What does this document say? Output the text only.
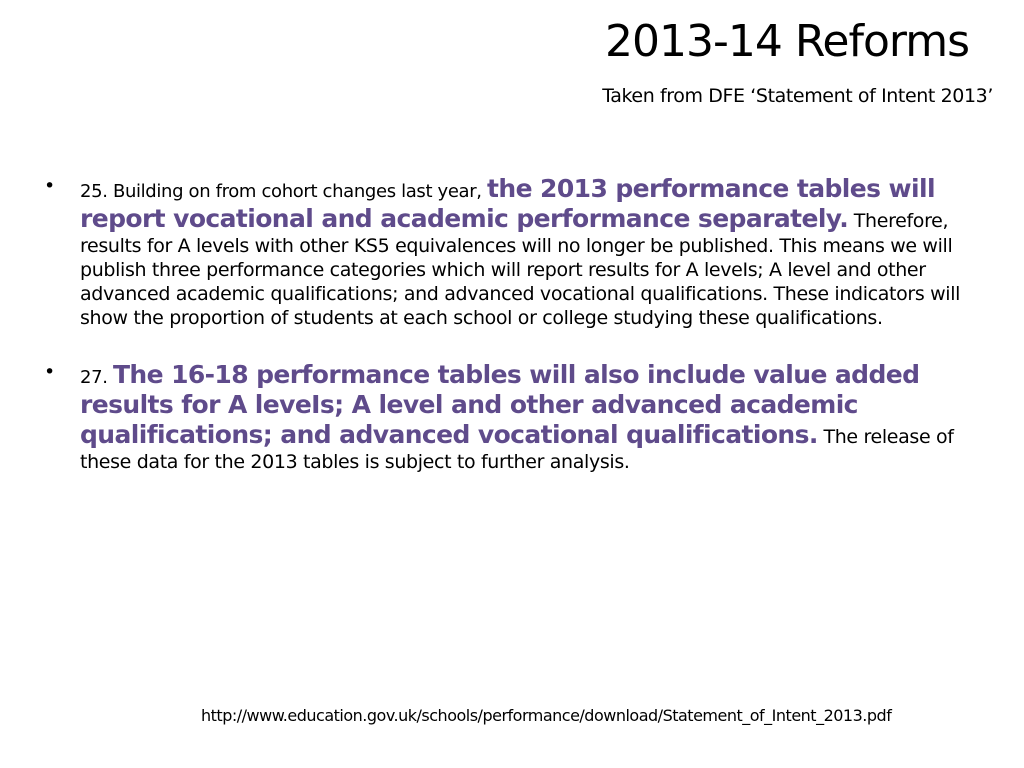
2013-14 Reforms
Taken from DFE ‘Statement of Intent 2013’
• 25. Building on from cohort changes last year, the 2013 performance tables will report vocational and academic performance separately. Therefore, results for A levels with other KS5 equivalences will no longer be published. This means we will publish three performance categories which will report results for A leveIs; A level and other advanced academic qualifications; and advanced vocational qualifications. These indicators will show the proportion of students at each school or college studying these qualifications.
• 27. The 16-18 performance tables will also include value added results for A leveIs; A level and other advanced academic qualifications; and advanced vocational qualifications. The release of these data for the 2013 tables is subject to further analysis.
http://www.education.gov.uk/schools/performance/download/Statement_of_Intent_2013.pdf
